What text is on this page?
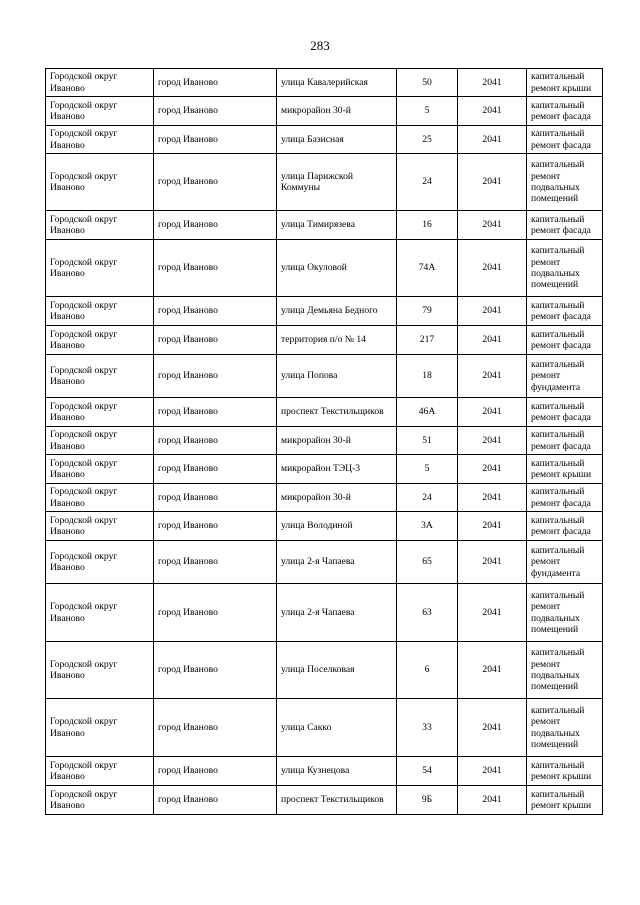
283
Городской округ Иваново	город Иваново	улица Кавалерийская	50	2041	капитальный ремонт крыши
Городской округ Иваново	город Иваново	микрорайон 30-й	5	2041	капитальный ремонт фасада
Городской округ Иваново	город Иваново	улица Базисная	25	2041	капитальный ремонт фасада
Городской округ Иваново	город Иваново	улица Парижской Коммуны	24	2041	капитальный ремонт подвальных помещений
Городской округ Иваново	город Иваново	улица Тимирязева	16	2041	капитальный ремонт фасада
Городской округ Иваново	город Иваново	улица Окуловой	74А	2041	капитальный ремонт подвальных помещений
Городской округ Иваново	город Иваново	улица Демьяна Бедного	79	2041	капитальный ремонт фасада
Городской округ Иваново	город Иваново	территория п/о № 14	217	2041	капитальный ремонт фасада
Городской округ Иваново	город Иваново	улица Попова	18	2041	капитальный ремонт фундамента
Городской округ Иваново	город Иваново	проспект Текстильщиков	46А	2041	капитальный ремонт фасада
Городской округ Иваново	город Иваново	микрорайон 30-й	51	2041	капитальный ремонт фасада
Городской округ Иваново	город Иваново	микрорайон ТЭЦ-3	5	2041	капитальный ремонт крыши
Городской округ Иваново	город Иваново	микрорайон 30-й	24	2041	капитальный ремонт фасада
Городской округ Иваново	город Иваново	улица Володиной	3А	2041	капитальный ремонт фасада
Городской округ Иваново	город Иваново	улица 2-я Чапаева	65	2041	капитальный ремонт фундамента
Городской округ Иваново	город Иваново	улица 2-я Чапаева	63	2041	капитальный ремонт подвальных помещений
Городской округ Иваново	город Иваново	улица Поселковая	6	2041	капитальный ремонт подвальных помещений
Городской округ Иваново	город Иваново	улица Сакко	33	2041	капитальный ремонт подвальных помещений
Городской округ Иваново	город Иваново	улица Кузнецова	54	2041	капитальный ремонт крыши
Городской округ Иваново	город Иваново	проспект Текстильщиков	9Б	2041	капитальный ремонт крыши
